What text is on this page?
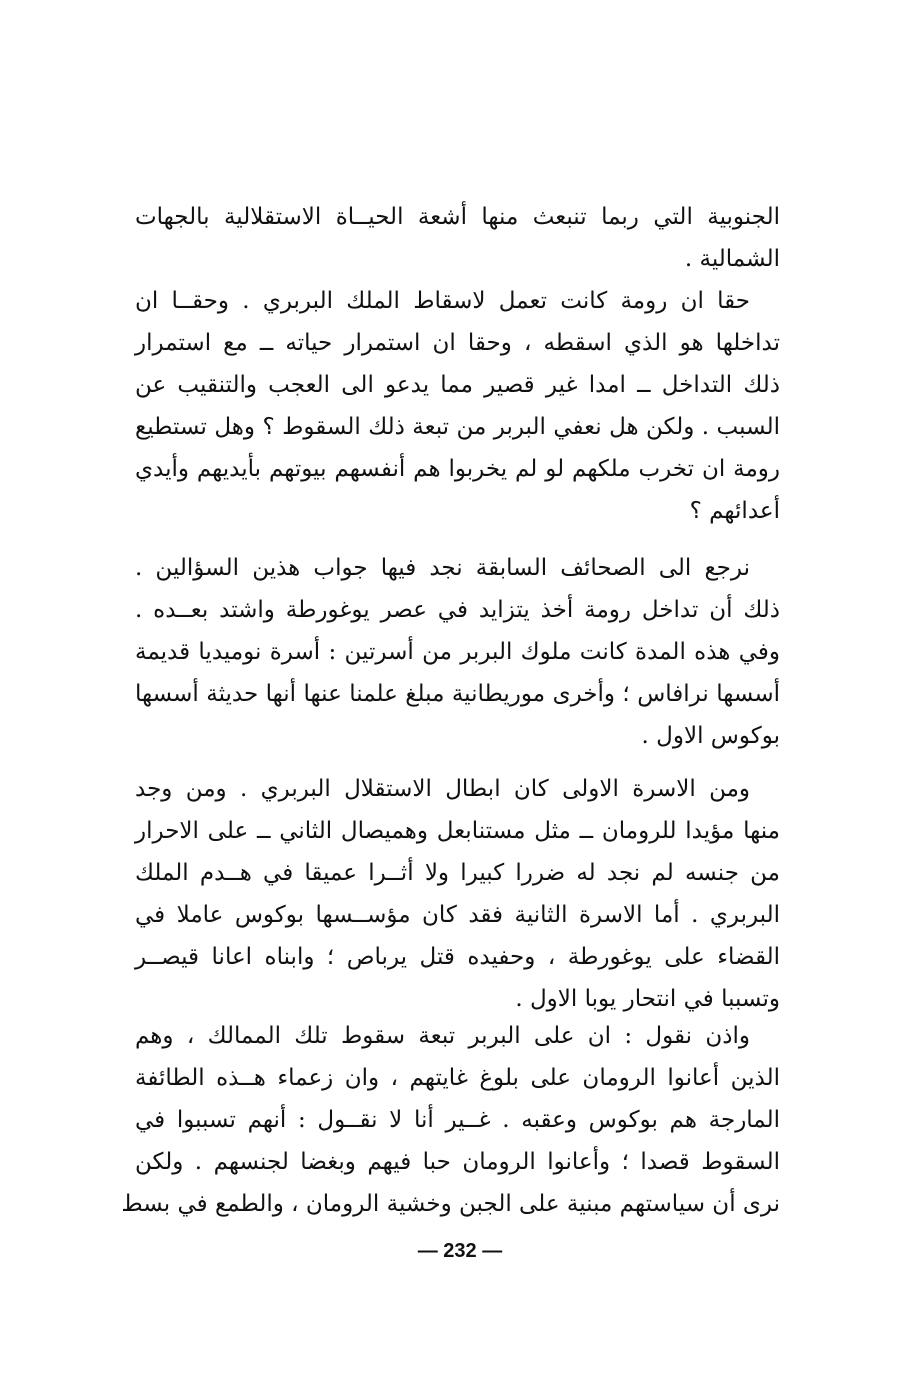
الجنوبية التي ربما تنبعث منها أشعة الحيــاة الاستقلالية بالجهات
الشمالية .
حقا ان رومة كانت تعمل لاسقاط الملك البربري . وحقــا ان
تداخلها هو الذي اسقطه ، وحقا ان استمرار حياته ــ مع استمرار
ذلك التداخل ــ امدا غير قصير مما يدعو الى العجب والتنقيب عن
السبب . ولكن هل نعفي البربر من تبعة ذلك السقوط ؟ وهل تستطيع
رومة ان تخرب ملكهم لو لم يخربوا هم أنفسهم بيوتهم بأيديهم وأيدي
أعدائهم ؟
نرجع الى الصحائف السابقة نجد فيها جواب هذين السؤالين .
ذلك أن تداخل رومة أخذ يتزايد في عصر يوغورطة واشتد بعــده .
وفي هذه المدة كانت ملوك البربر من أسرتين : أسرة نوميديا قديمة
أسسها نرافاس ؛ وأخرى موريطانية مبلغ علمنا عنها أنها حديثة أسسها
بوكوس الاول .
ومن الاسرة الاولى كان ابطال الاستقلال البربري . ومن وجد
منها مؤيدا للرومان ــ مثل مستنابعل وهميصال الثاني ــ على الاحرار
من جنسه لم نجد له ضررا كبيرا ولا أثــرا عميقا في هــدم الملك
البربري . أما الاسرة الثانية فقد كان مؤســسها بوكوس عاملا في
القضاء على يوغورطة ، وحفيده قتل يرباص ؛ وابناه اعانا قيصــر
وتسببا في انتحار يوبا الاول .
واذن نقول : ان على البربر تبعة سقوط تلك الممالك ، وهم
الذين أعانوا الرومان على بلوغ غايتهم ، وان زعماء هــذه الطائفة
المارجة هم بوكوس وعقبه . غــير أنا لا نقــول : أنهم تسببوا في
السقوط قصدا ؛ وأعانوا الرومان حبا فيهم وبغضا لجنسهم . ولكن
نرى أن سياستهم مبنية على الجبن وخشية الرومان ، والطمع في بسط
— 232 —
